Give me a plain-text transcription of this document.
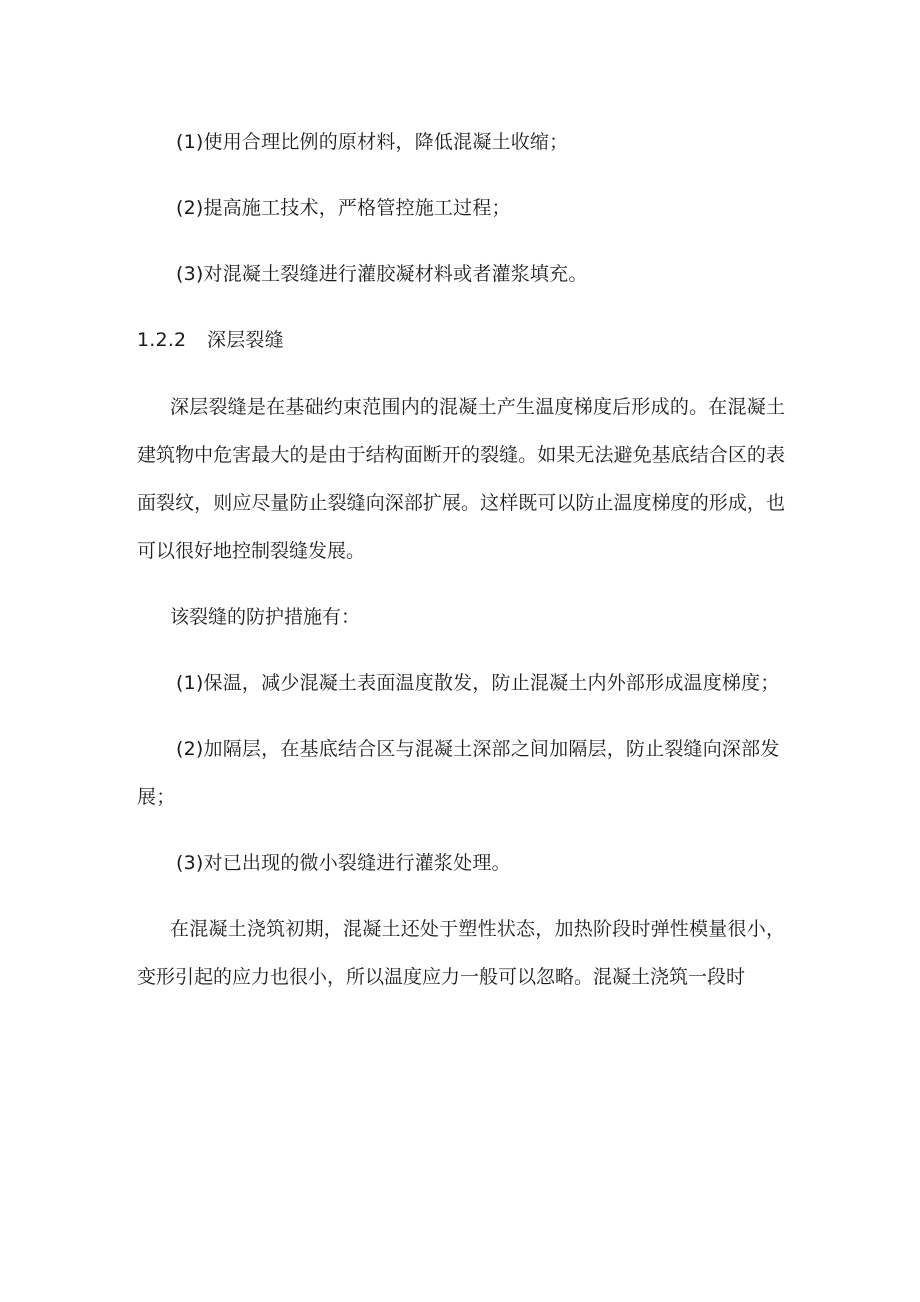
(1)使用合理比例的原材料，降低混凝土收缩；
(2)提高施工技术，严格管控施工过程；
(3)对混凝土裂缝进行灌胶凝材料或者灌浆填充。
1.2.2 深层裂缝
深层裂缝是在基础约束范围内的混凝土产生温度梯度后形成的。在混凝土建筑物中危害最大的是由于结构面断开的裂缝。如果无法避免基底结合区的表面裂纹，则应尽量防止裂缝向深部扩展。这样既可以防止温度梯度的形成，也可以很好地控制裂缝发展。
该裂缝的防护措施有：
(1)保温，减少混凝土表面温度散发，防止混凝土内外部形成温度梯度；
(2)加隔层，在基底结合区与混凝土深部之间加隔层，防止裂缝向深部发展；
(3)对已出现的微小裂缝进行灌浆处理。
在混凝土浇筑初期，混凝土还处于塑性状态，加热阶段时弹性模量很小，变形引起的应力也很小，所以温度应力一般可以忽略。混凝土浇筑一段时
